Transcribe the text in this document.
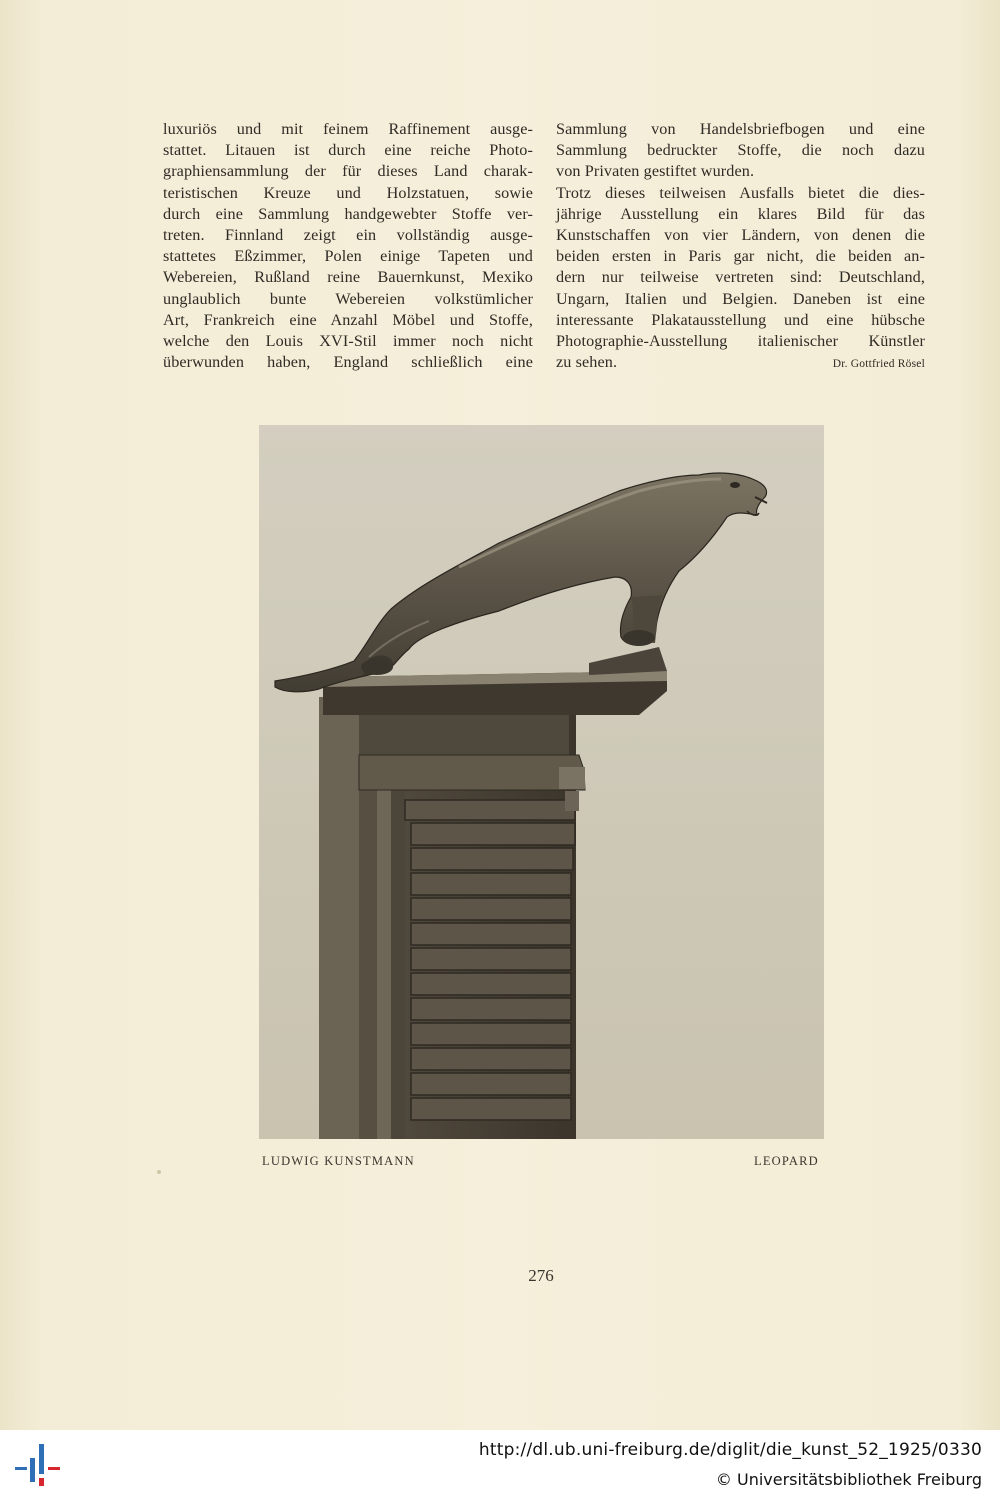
luxuriös und mit feinem Raffinement ausge-
stattet. Litauen ist durch eine reiche Photo-
graphiensammlung der für dieses Land charak-
teristischen Kreuze und Holzstatuen, sowie
durch eine Sammlung handgewebter Stoffe ver-
treten. Finnland zeigt ein vollständig ausge-
stattetes Eßzimmer, Polen einige Tapeten und
Webereien, Rußland reine Bauernkunst, Mexiko
unglaublich bunte Webereien volkstümlicher
Art, Frankreich eine Anzahl Möbel und Stoffe,
welche den Louis XVI-Stil immer noch nicht
überwunden haben, England schließlich eine
Sammlung von Handelsbriefbogen und eine
Sammlung bedruckter Stoffe, die noch dazu
von Privaten gestiftet wurden.
Trotz dieses teilweisen Ausfalls bietet die dies-
jährige Ausstellung ein klares Bild für das
Kunstschaffen von vier Ländern, von denen die
beiden ersten in Paris gar nicht, die beiden an-
dern nur teilweise vertreten sind: Deutschland,
Ungarn, Italien und Belgien. Daneben ist eine
interessante Plakatausstellung und eine hübsche
Photographie-Ausstellung italienischer Künstler
zu sehen.	Dr. Gottfried Rösel
LUDWIG KUNSTMANN	LEOPARD
276
http://dl.ub.uni-freiburg.de/diglit/die_kunst_52_1925/0330
© Universitätsbibliothek Freiburg
